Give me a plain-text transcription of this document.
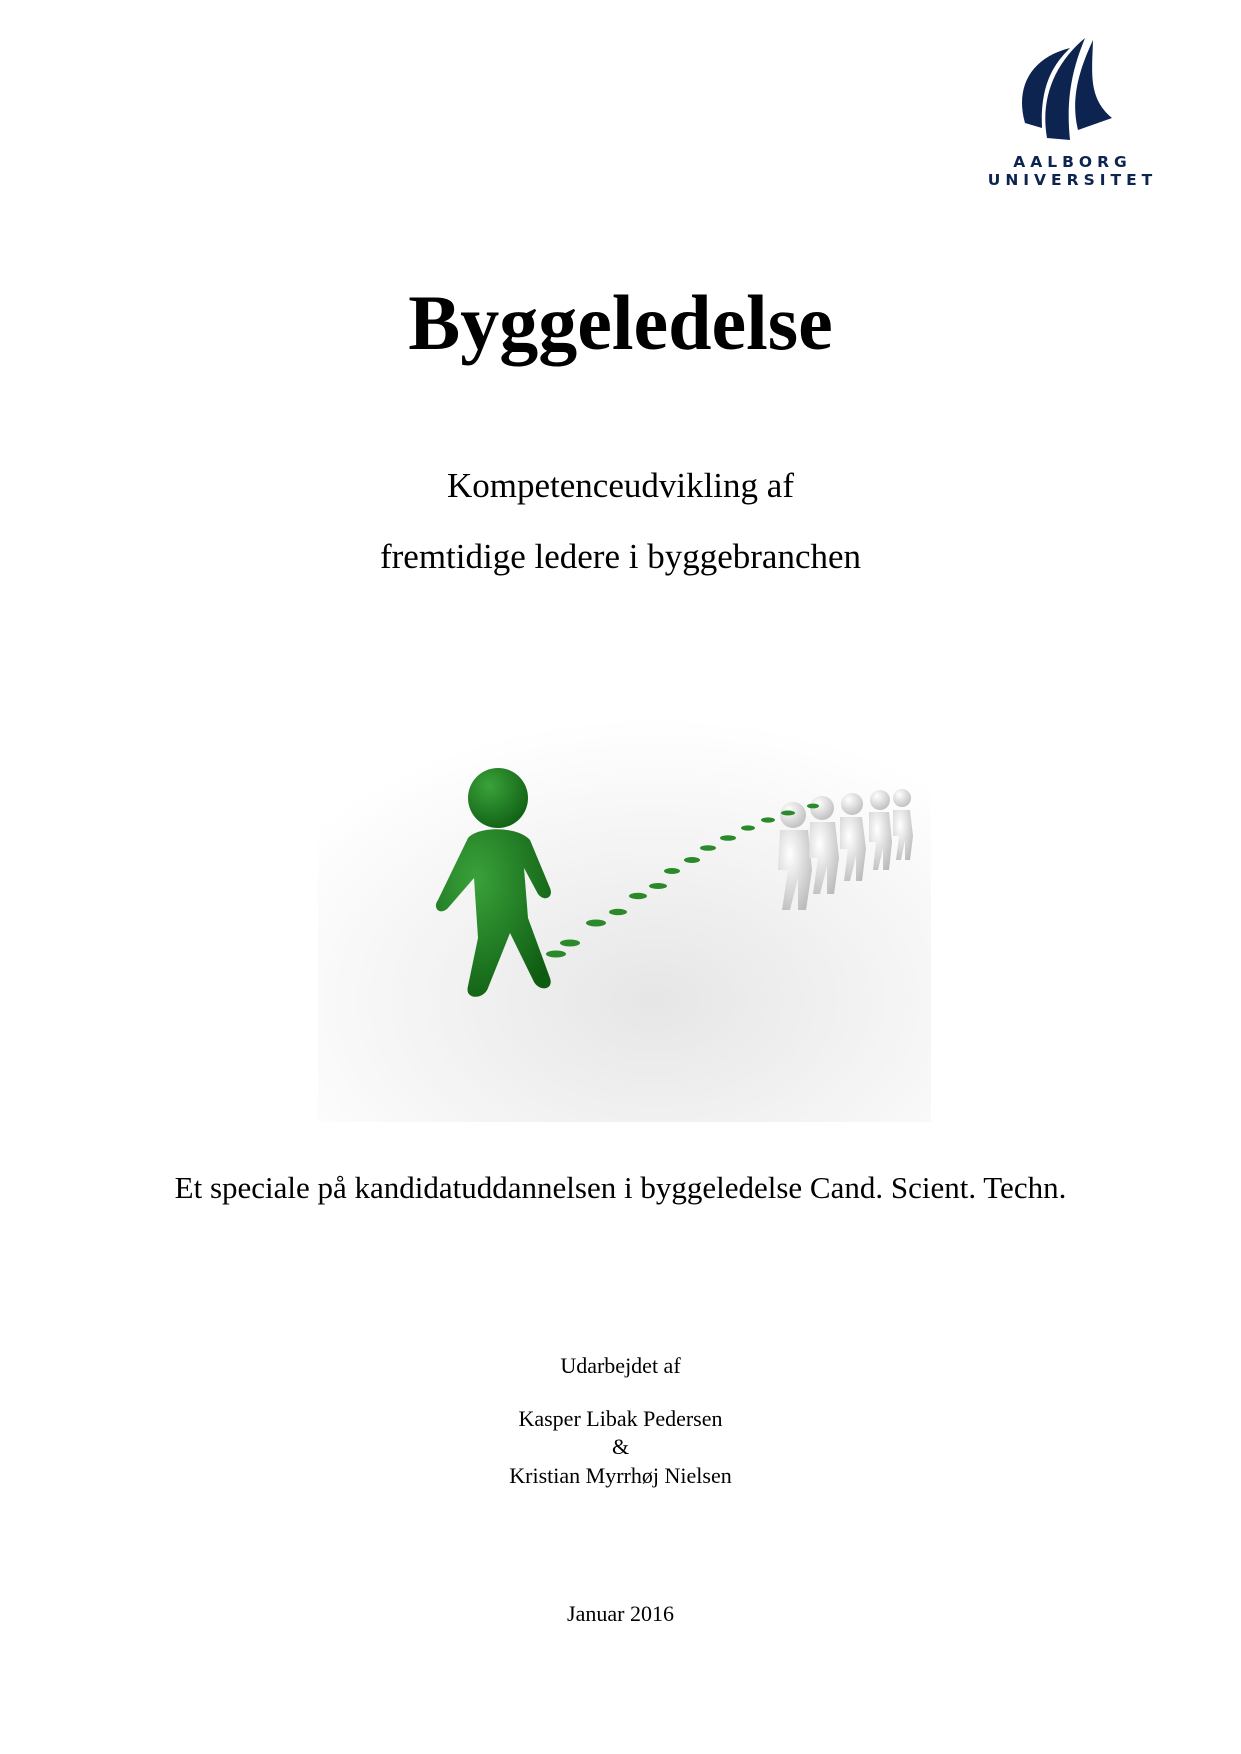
AALBORG UNIVERSITET
Byggeledelse
Kompetenceudvikling af
fremtidige ledere i byggebranchen
Et speciale på kandidatuddannelsen i byggeledelse Cand. Scient. Techn.
Udarbejdet af
Kasper Libak Pedersen
&
Kristian Myrrhøj Nielsen
Januar 2016
